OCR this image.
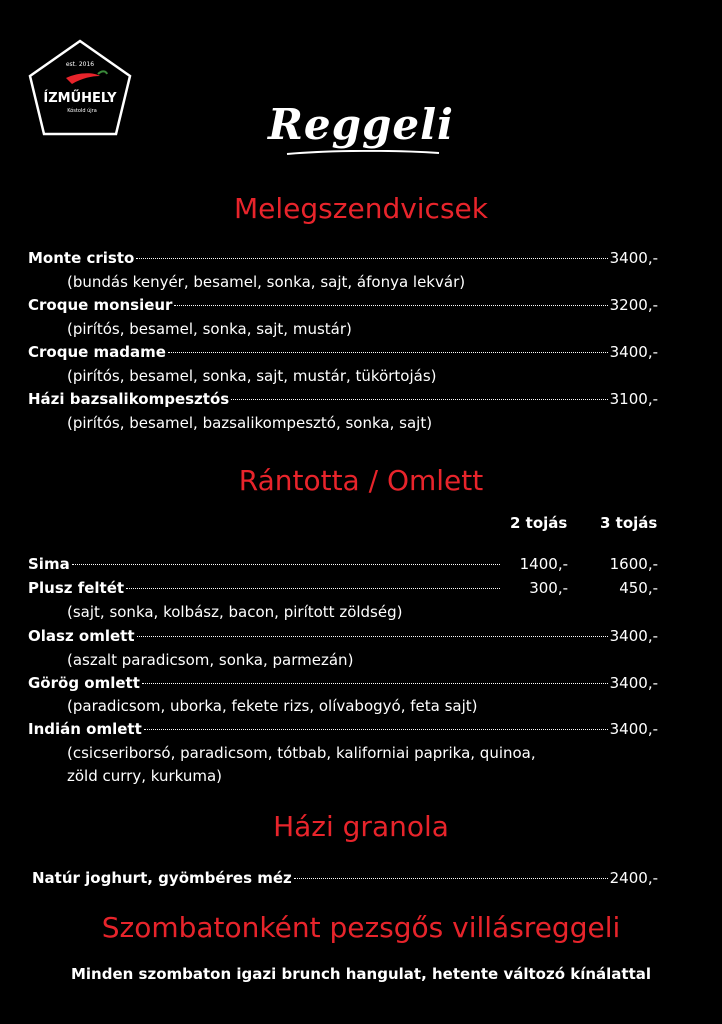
est. 2016
ÍZMŰHELY
Kóstold újra	Reggeli
Melegszendvicsek
Monte cristo	3400,-
(bundás kenyér, besamel, sonka, sajt, áfonya lekvár)
Croque monsieur	3200,-
(pirítós, besamel, sonka, sajt, mustár)
Croque madame	3400,-
(pirítós, besamel, sonka, sajt, mustár, tükörtojás)
Házi bazsalikompesztós	3100,-
(pirítós, besamel, bazsalikompesztó, sonka, sajt)
Rántotta / Omlett
2 tojás 3 tojás
Sima	1400,-	1600,-
Plusz feltét	300,-	450,-
(sajt, sonka, kolbász, bacon, pirított zöldség)
Olasz omlett	3400,-
(aszalt paradicsom, sonka, parmezán)
Görög omlett	3400,-
(paradicsom, uborka, fekete rizs, olívabogyó, feta sajt)
Indián omlett	3400,-
(csicseriborsó, paradicsom, tótbab, kaliforniai paprika, quinoa,
zöld curry, kurkuma)
Házi granola
Natúr joghurt, gyömbéres méz	2400,-
Szombatonként pezsgős villásreggeli
Minden szombaton igazi brunch hangulat, hetente változó kínálattal
